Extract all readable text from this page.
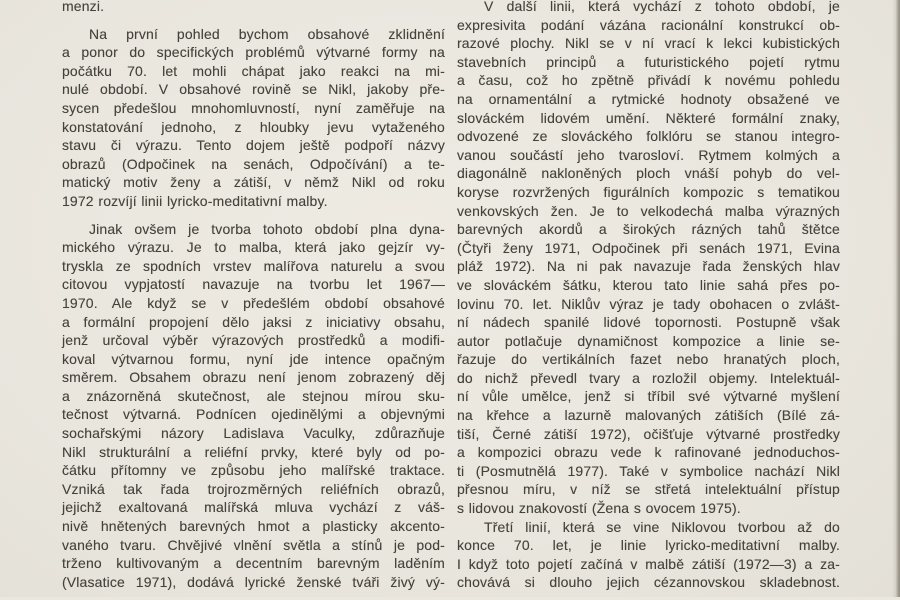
menzi.
Na první pohled bychom obsahové zklidnění
a ponor do specifických problémů výtvarné formy na
počátku 70. let mohli chápat jako reakci na mi-
nulé období. V obsahové rovině se Nikl, jakoby pře-
sycen předešlou mnohomluvností, nyní zaměřuje na
konstatování jednoho, z hloubky jevu vytaženého
stavu či výrazu. Tento dojem ještě podpoří názvy
obrazů (Odpočinek na senách, Odpočívání) a te-
matický motiv ženy a zátiší, v němž Nikl od roku
1972 rozvíjí linii lyricko-meditativní malby.
Jinak ovšem je tvorba tohoto období plna dyna-
mického výrazu. Je to malba, která jako gejzír vy-
tryskla ze spodních vrstev malířova naturelu a svou
citovou vypjatostí navazuje na tvorbu let 1967—
1970. Ale když se v předešlém období obsahové
a formální propojení dělo jaksi z iniciativy obsahu,
jenž určoval výběr výrazových prostředků a modifi-
koval výtvarnou formu, nyní jde intence opačným
směrem. Obsahem obrazu není jenom zobrazený děj
a znázorněná skutečnost, ale stejnou mírou sku-
tečnost výtvarná. Podnícen ojedinělými a objevnými
sochařskými názory Ladislava Vaculky, zdůrazňuje
Nikl strukturální a reliéfní prvky, které byly od po-
čátku přítomny ve způsobu jeho malířské traktace.
Vzniká tak řada trojrozměrných reliéfních obrazů,
jejichž exaltovaná malířská mluva vychází z váš-
nivě hnětených barevných hmot a plasticky akcento-
vaného tvaru. Chvějivé vlnění světla a stínů je pod-
trženo kultivovaným a decentním barevným laděním
(Vlasatice 1971), dodává lyrické ženské tváři živý vý-
V další linii, která vychází z tohoto období, je
expresivita podání vázána racionální konstrukcí ob-
razové plochy. Nikl se v ní vrací k lekci kubistických
stavebních principů a futuristického pojetí rytmu
a času, což ho zpětně přivádí k novému pohledu
na ornamentální a rytmické hodnoty obsažené ve
slováckém lidovém umění. Některé formální znaky,
odvozené ze slováckého folklóru se stanou integro-
vanou součástí jeho tvarosloví. Rytmem kolmých a
diagonálně nakloněných ploch vnáší pohyb do vel-
koryse rozvržených figurálních kompozic s tematikou
venkovských žen. Je to velkodechá malba výrazných
barevných akordů a širokých rázných tahů štětce
(Čtyři ženy 1971, Odpočinek při senách 1971, Evina
pláž 1972). Na ni pak navazuje řada ženských hlav
ve slováckém šátku, kterou tato linie sahá přes po-
lovinu 70. let. Niklův výraz je tady obohacen o zvlášt-
ní nádech spanilé lidové topornosti. Postupně však
autor potlačuje dynamičnost kompozice a linie se-
řazuje do vertikálních fazet nebo hranatých ploch,
do nichž převedl tvary a rozložil objemy. Intelektuál-
ní vůle umělce, jenž si tříbil své výtvarné myšlení
na křehce a lazurně malovaných zátiších (Bílé zá-
tiší, Černé zátiší 1972), očišťuje výtvarné prostředky
a kompozici obrazu vede k rafinované jednoduchos-
ti (Posmutnělá 1977). Také v symbolice nachází Nikl
přesnou míru, v níž se střetá intelektuální přístup
s lidovou znakovostí (Žena s ovocem 1975).
Třetí linií, která se vine Niklovou tvorbou až do
konce 70. let, je linie lyricko-meditativní malby.
I když toto pojetí začíná v malbě zátiší (1972—3) a za-
chovává si dlouho jejich cézannovskou skladebnost.
